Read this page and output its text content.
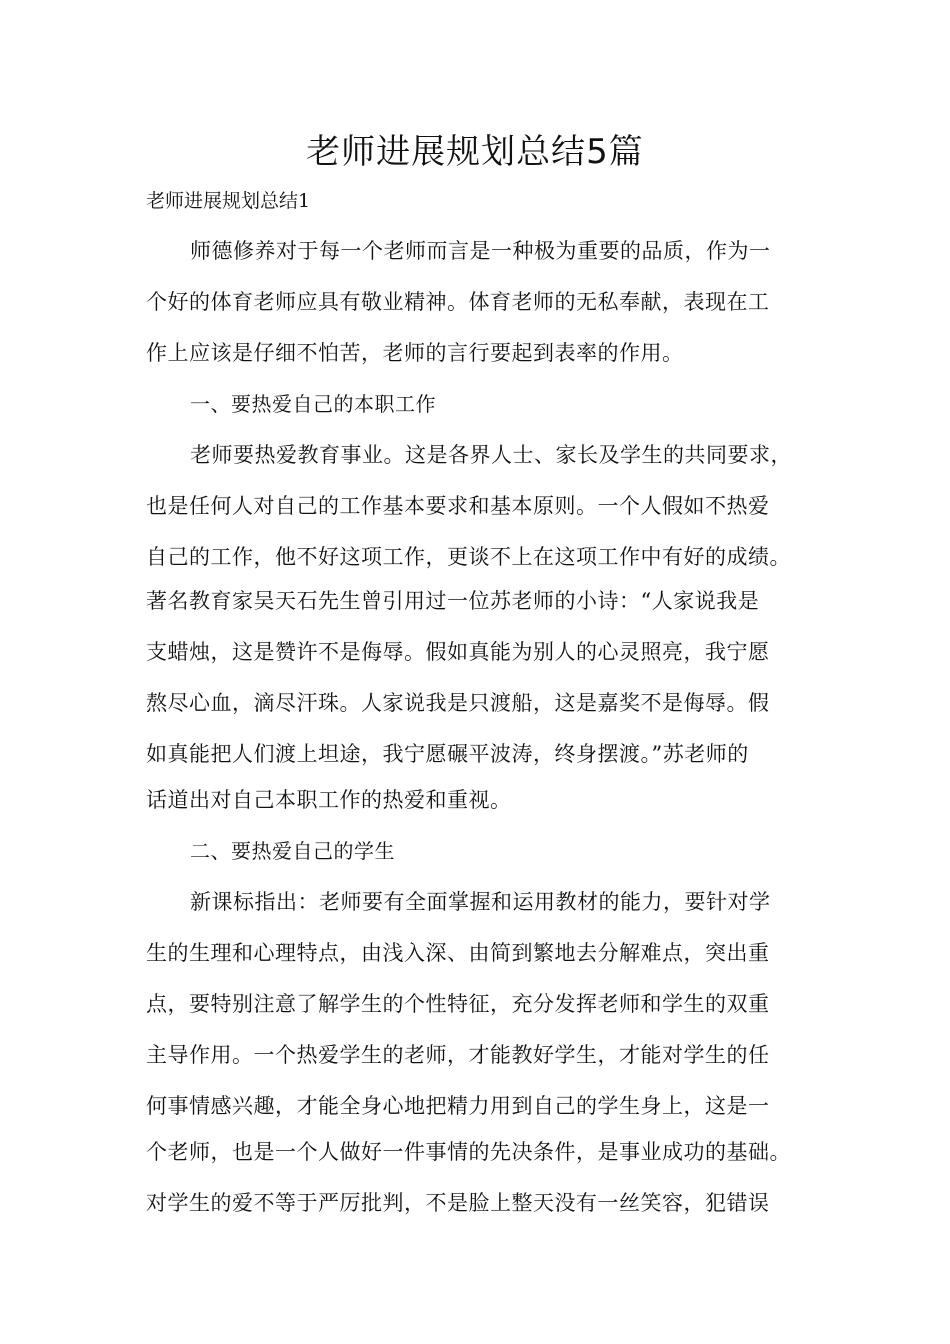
老师进展规划总结5篇
老师进展规划总结1
师德修养对于每一个老师而言是一种极为重要的品质，作为一
个好的体育老师应具有敬业精神。体育老师的无私奉献，表现在工
作上应该是仔细不怕苦，老师的言行要起到表率的作用。
一、要热爱自己的本职工作
老师要热爱教育事业。这是各界人士、家长及学生的共同要求，
也是任何人对自己的工作基本要求和基本原则。一个人假如不热爱
自己的工作，他不好这项工作，更谈不上在这项工作中有好的成绩。
著名教育家吴天石先生曾引用过一位苏老师的小诗：“人家说我是
支蜡烛，这是赞许不是侮辱。假如真能为别人的心灵照亮，我宁愿
熬尽心血，滴尽汗珠。人家说我是只渡船，这是嘉奖不是侮辱。假
如真能把人们渡上坦途，我宁愿碾平波涛，终身摆渡。”苏老师的
话道出对自己本职工作的热爱和重视。
二、要热爱自己的学生
新课标指出：老师要有全面掌握和运用教材的能力，要针对学
生的生理和心理特点，由浅入深、由简到繁地去分解难点，突出重
点，要特别注意了解学生的个性特征，充分发挥老师和学生的双重
主导作用。一个热爱学生的老师，才能教好学生，才能对学生的任
何事情感兴趣，才能全身心地把精力用到自己的学生身上，这是一
个老师，也是一个人做好一件事情的先决条件，是事业成功的基础。
对学生的爱不等于严厉批判，不是脸上整天没有一丝笑容，犯错误
